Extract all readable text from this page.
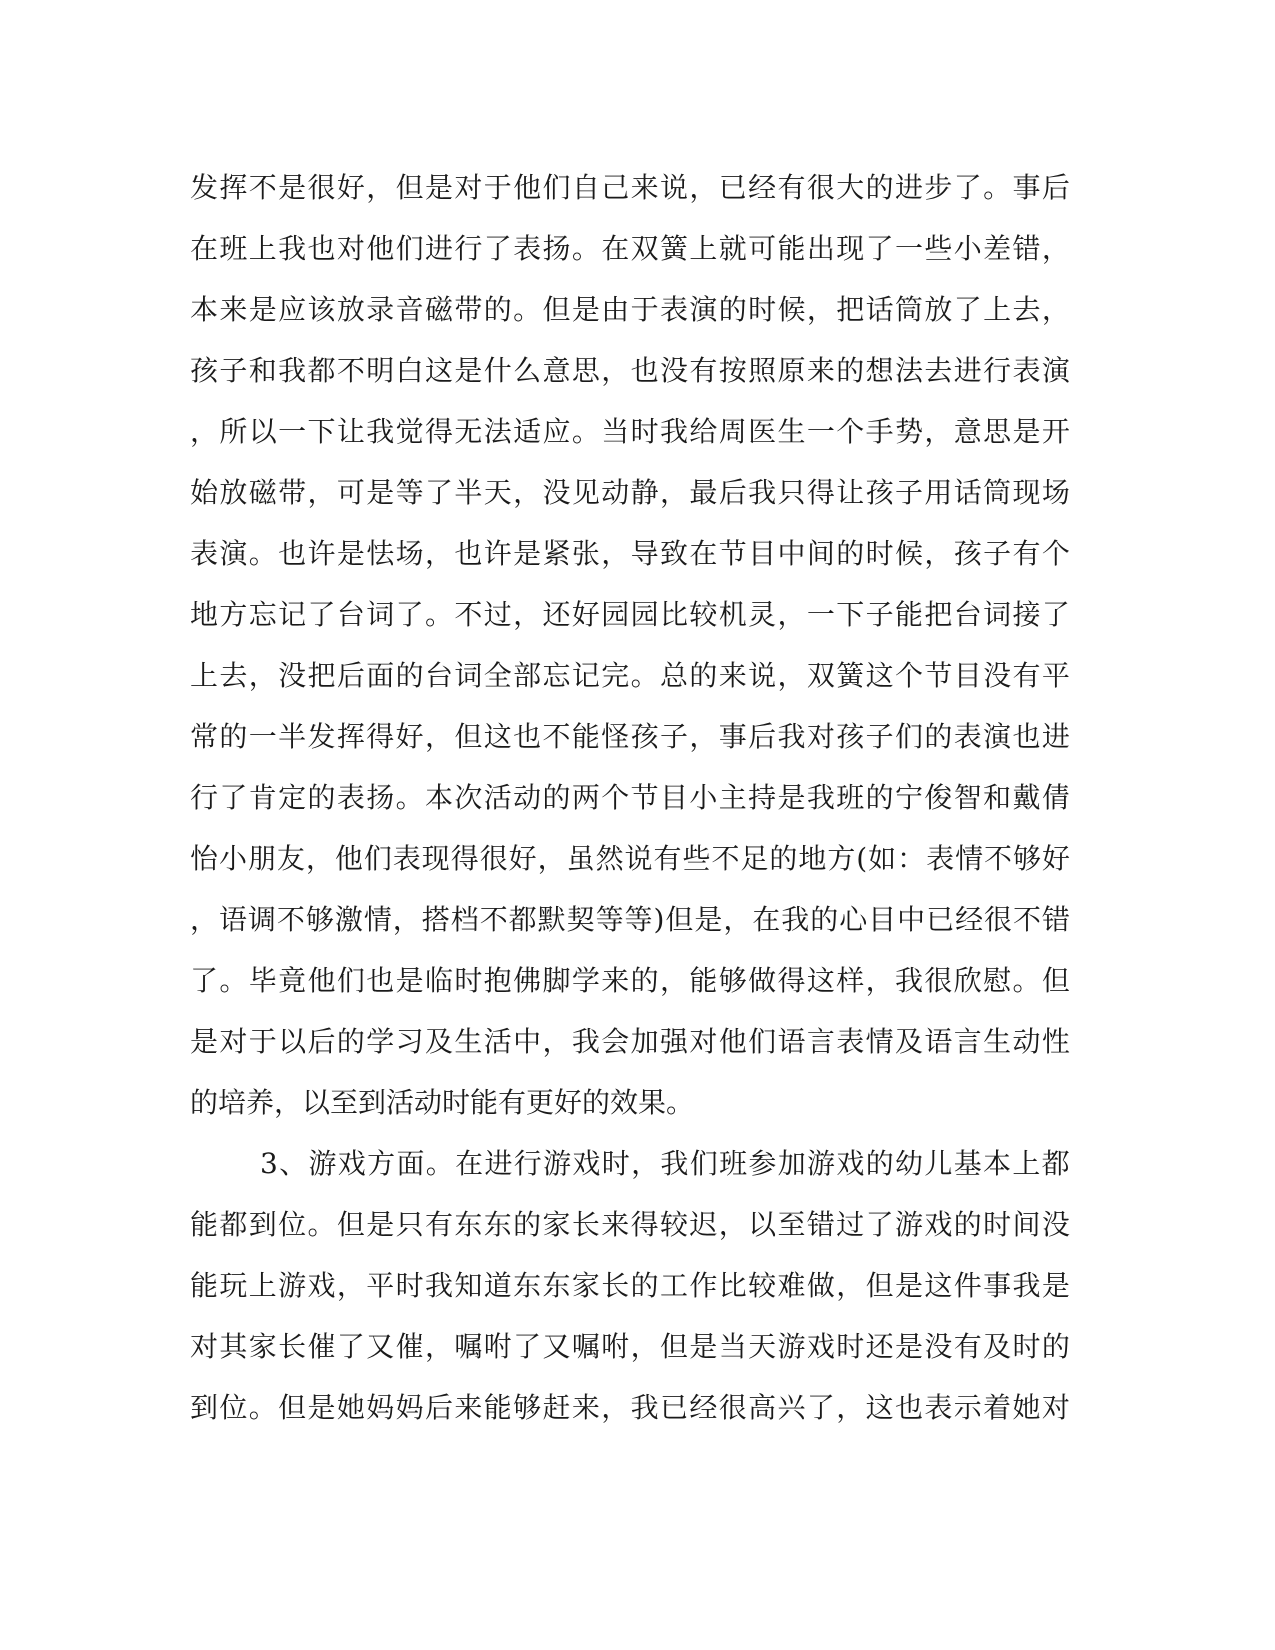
发 挥 不 是 很 好 ， 但 是 对 于 他 们 自 己 来 说 ， 已 经 有 很 大 的 进 步 了 。 事 后
在 班 上 我 也 对 他 们 进 行 了 表 扬 。 在 双 簧 上 就 可 能 出 现 了 一 些 小 差 错 ，
本 来 是 应 该 放 录 音 磁 带 的 。 但 是 由 于 表 演 的 时 候 ， 把 话 筒 放 了 上 去 ，
孩 子 和 我 都 不 明 白 这 是 什 么 意 思 ， 也 没 有 按 照 原 来 的 想 法 去 进 行 表 演
， 所 以 一 下 让 我 觉 得 无 法 适 应 。 当 时 我 给 周 医 生 一 个 手 势 ， 意 思 是 开
始 放 磁 带 ， 可 是 等 了 半 天 ， 没 见 动 静 ， 最 后 我 只 得 让 孩 子 用 话 筒 现 场
表 演 。 也 许 是 怯 场 ， 也 许 是 紧 张 ， 导 致 在 节 目 中 间 的 时 候 ， 孩 子 有 个
地 方 忘 记 了 台 词 了 。 不 过 ， 还 好 园 园 比 较 机 灵 ， 一 下 子 能 把 台 词 接 了
上 去 ， 没 把 后 面 的 台 词 全 部 忘 记 完 。 总 的 来 说 ， 双 簧 这 个 节 目 没 有 平
常 的 一 半 发 挥 得 好 ， 但 这 也 不 能 怪 孩 子 ， 事 后 我 对 孩 子 们 的 表 演 也 进
行 了 肯 定 的 表 扬 。 本 次 活 动 的 两 个 节 目 小 主 持 是 我 班 的 宁 俊 智 和 戴 倩
怡 小 朋 友 ， 他 们 表 现 得 很 好 ， 虽 然 说 有 些 不 足 的 地 方 ( 如 ： 表 情 不 够 好
， 语 调 不 够 激 情 ， 搭 档 不 都 默 契 等 等 ) 但 是 ， 在 我 的 心 目 中 已 经 很 不 错
了 。 毕 竟 他 们 也 是 临 时 抱 佛 脚 学 来 的 ， 能 够 做 得 这 样 ， 我 很 欣 慰 。 但
是 对 于 以 后 的 学 习 及 生 活 中 ， 我 会 加 强 对 他 们 语 言 表 情 及 语 言 生 动 性
的培养，以至到活动时能有更好的效果。
3 、 游 戏 方 面 。 在 进 行 游 戏 时 ， 我 们 班 参 加 游 戏 的 幼 儿 基 本 上 都
能 都 到 位 。 但 是 只 有 东 东 的 家 长 来 得 较 迟 ， 以 至 错 过 了 游 戏 的 时 间 没
能 玩 上 游 戏 ， 平 时 我 知 道 东 东 家 长 的 工 作 比 较 难 做 ， 但 是 这 件 事 我 是
对 其 家 长 催 了 又 催 ， 嘱 咐 了 又 嘱 咐 ， 但 是 当 天 游 戏 时 还 是 没 有 及 时 的
到 位 。 但 是 她 妈 妈 后 来 能 够 赶 来 ， 我 已 经 很 高 兴 了 ， 这 也 表 示 着 她 对
